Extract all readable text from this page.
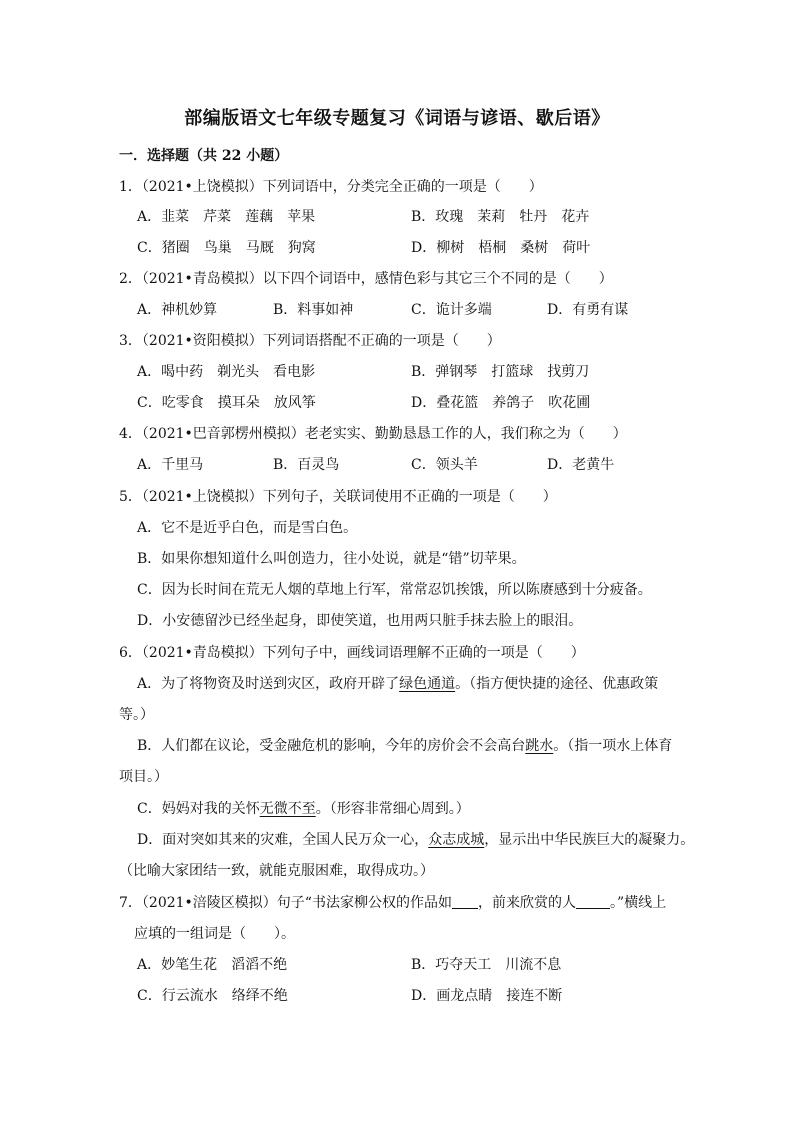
部编版语文七年级专题复习《词语与谚语、歇后语》
一．选择题（共 22 小题）
1．（2021•上饶模拟）下列词语中，分类完全正确的一项是（　　）
A．韭菜　芹菜　莲藕　苹果	B．玫瑰　茉莉　牡丹　花卉
C．猪圈　鸟巢　马厩　狗窝	D．柳树　梧桐　桑树　荷叶
2．（2021•青岛模拟）以下四个词语中，感情色彩与其它三个不同的是（　　）
A．神机妙算	B．料事如神	C．诡计多端	D．有勇有谋
3．（2021•资阳模拟）下列词语搭配不正确的一项是（　　）
A．喝中药　剃光头　看电影	B．弹钢琴　打篮球　找剪刀
C．吃零食　摸耳朵　放风筝	D．叠花篮　养鸽子　吹花圃
4．（2021•巴音郭楞州模拟）老老实实、勤勤恳恳工作的人，我们称之为（　　）
A．千里马	B．百灵鸟	C．领头羊	D．老黄牛
5．（2021•上饶模拟）下列句子，关联词使用不正确的一项是（　　）
A．它不是近乎白色，而是雪白色。
B．如果你想知道什么叫创造力，往小处说，就是“错”切苹果。
C．因为长时间在荒无人烟的草地上行军，常常忍饥挨饿，所以陈赓感到十分疲备。
D．小安德留沙已经坐起身，即使笑道，也用两只脏手抹去脸上的眼泪。
6．（2021•青岛模拟）下列句子中，画线词语理解不正确的一项是（　　）
A．为了将物资及时送到灾区，政府开辟了绿色通道。（指方便快捷的途径、优惠政策
等。）
B．人们都在议论，受金融危机的影响，今年的房价会不会高台跳水。（指一项水上体育
项目。）
C．妈妈对我的关怀无微不至。（形容非常细心周到。）
D．面对突如其来的灾难，全国人民万众一心，众志成城，显示出中华民族巨大的凝聚力。
（比喻大家团结一致，就能克服困难，取得成功。）
7．（2021•涪陵区模拟）句子“书法家柳公权的作品如 ，前来欣赏的人 。”横线上
应填的一组词是（　　）。
A．妙笔生花　滔滔不绝	B．巧夺天工　川流不息
C．行云流水　络绎不绝	D．画龙点睛　接连不断
